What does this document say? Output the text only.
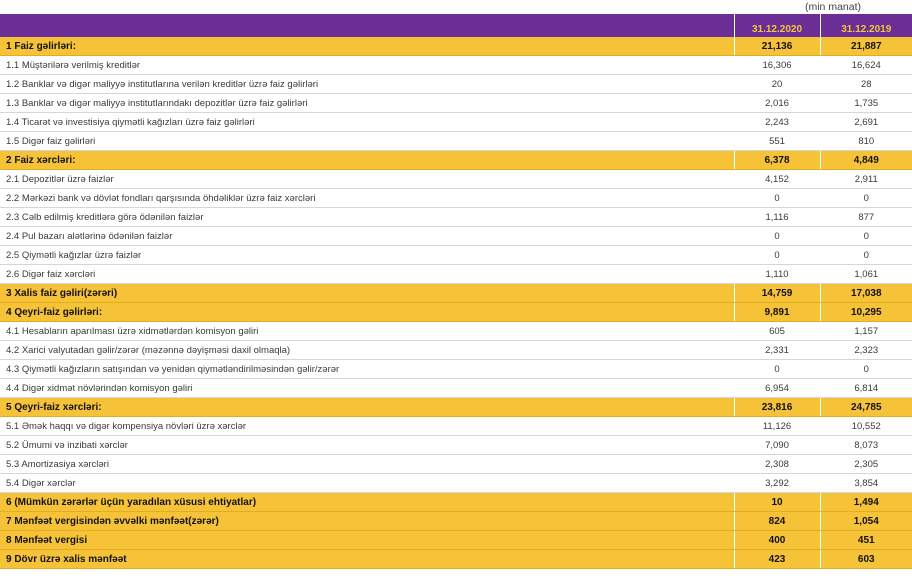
(min manat)
	31.12.2020	31.12.2019
1 Faiz gəlirləri:	21,136	21,887
1.1 Müştərilərə verilmiş kreditlər	16,306	16,624
1.2 Banklar və digər maliyyə institutlarına verilən kreditlər üzrə faiz gəlirləri	20	28
1.3 Banklar və digər maliyyə institutlarındakı depozitlər üzrə faiz gəlirləri	2,016	1,735
1.4 Ticarət və investisiya qiymətli kağızları üzrə faiz gəlirləri	2,243	2,691
1.5 Digər faiz gəlirləri	551	810
2 Faiz xərcləri:	6,378	4,849
2.1 Depozitlər üzrə faizlər	4,152	2,911
2.2 Mərkəzi bank və dövlət fondları qarşısında öhdəliklər üzrə faiz xərcləri	0	0
2.3 Cəlb edilmiş kreditlərə görə ödənilən faizlər	1,116	877
2.4 Pul bazarı alətlərinə ödənilən faizlər	0	0
2.5 Qiymətli kağızlar üzrə faizlər	0	0
2.6 Digər faiz xərcləri	1,110	1,061
3 Xalis faiz gəliri(zərəri)	14,759	17,038
4 Qeyri-faiz gəlirləri:	9,891	10,295
4.1 Hesabların aparılması üzrə xidmətlərdən komisyon gəliri	605	1,157
4.2 Xarici valyutadan gəlir/zərər (məzənnə dəyişməsi daxil olmaqla)	2,331	2,323
4.3 Qiymətli kağızların satışından və yenidən qiymətləndirilməsindən gəlir/zərər	0	0
4.4 Digər xidmət növlərindən komisyon gəliri	6,954	6,814
5 Qeyri-faiz xərcləri:	23,816	24,785
5.1 Əmək haqqı və digər kompensiya növləri üzrə xərclər	11,126	10,552
5.2 Ümumi və inzibati xərclər	7,090	8,073
5.3 Amortizasiya xərcləri	2,308	2,305
5.4 Digər xərclər	3,292	3,854
6 (Mümkün zərərlər üçün yaradılan xüsusi ehtiyatlar)	10	1,494
7 Mənfəət vergisindən əvvəlki mənfəət(zərər)	824	1,054
8 Mənfəət vergisi	400	451
9 Dövr üzrə xalis mənfəət	423	603
